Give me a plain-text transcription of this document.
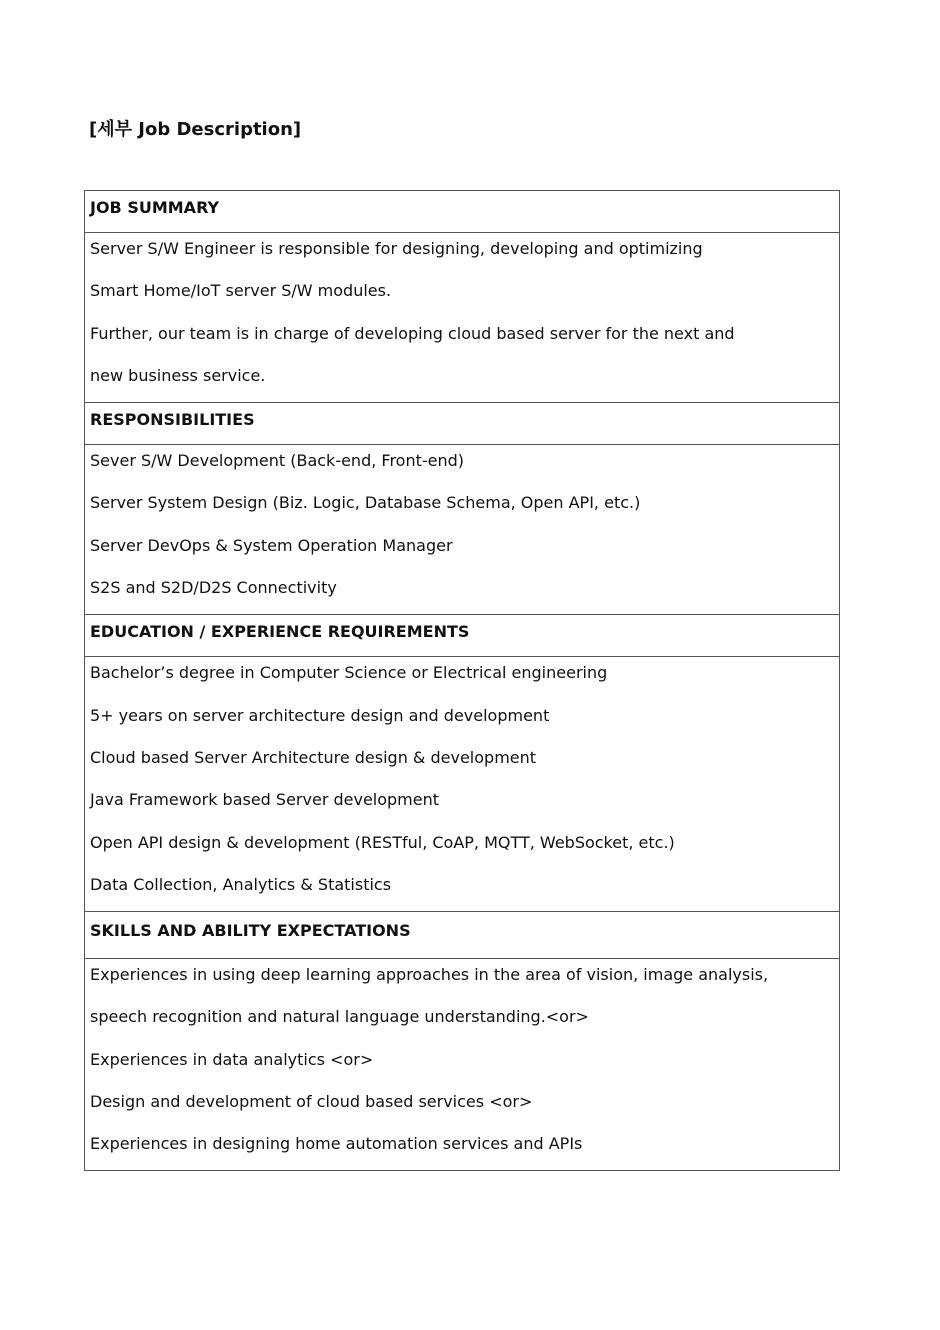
[세부 Job Description]
JOB SUMMARY
Server S/W Engineer is responsible for designing, developing and optimizing
Smart Home/IoT server S/W modules.
Further, our team is in charge of developing cloud based server for the next and
new business service.
RESPONSIBILITIES
Sever S/W Development (Back-end, Front-end)
Server System Design (Biz. Logic, Database Schema, Open API, etc.)
Server DevOps & System Operation Manager
S2S and S2D/D2S Connectivity
EDUCATION / EXPERIENCE REQUIREMENTS
Bachelor’s degree in Computer Science or Electrical engineering
5+ years on server architecture design and development
Cloud based Server Architecture design & development
Java Framework based Server development
Open API design & development (RESTful, CoAP, MQTT, WebSocket, etc.)
Data Collection, Analytics & Statistics
SKILLS AND ABILITY EXPECTATIONS
Experiences in using deep learning approaches in the area of vision, image analysis,
speech recognition and natural language understanding.<or>
Experiences in data analytics <or>
Design and development of cloud based services <or>
Experiences in designing home automation services and APIs
